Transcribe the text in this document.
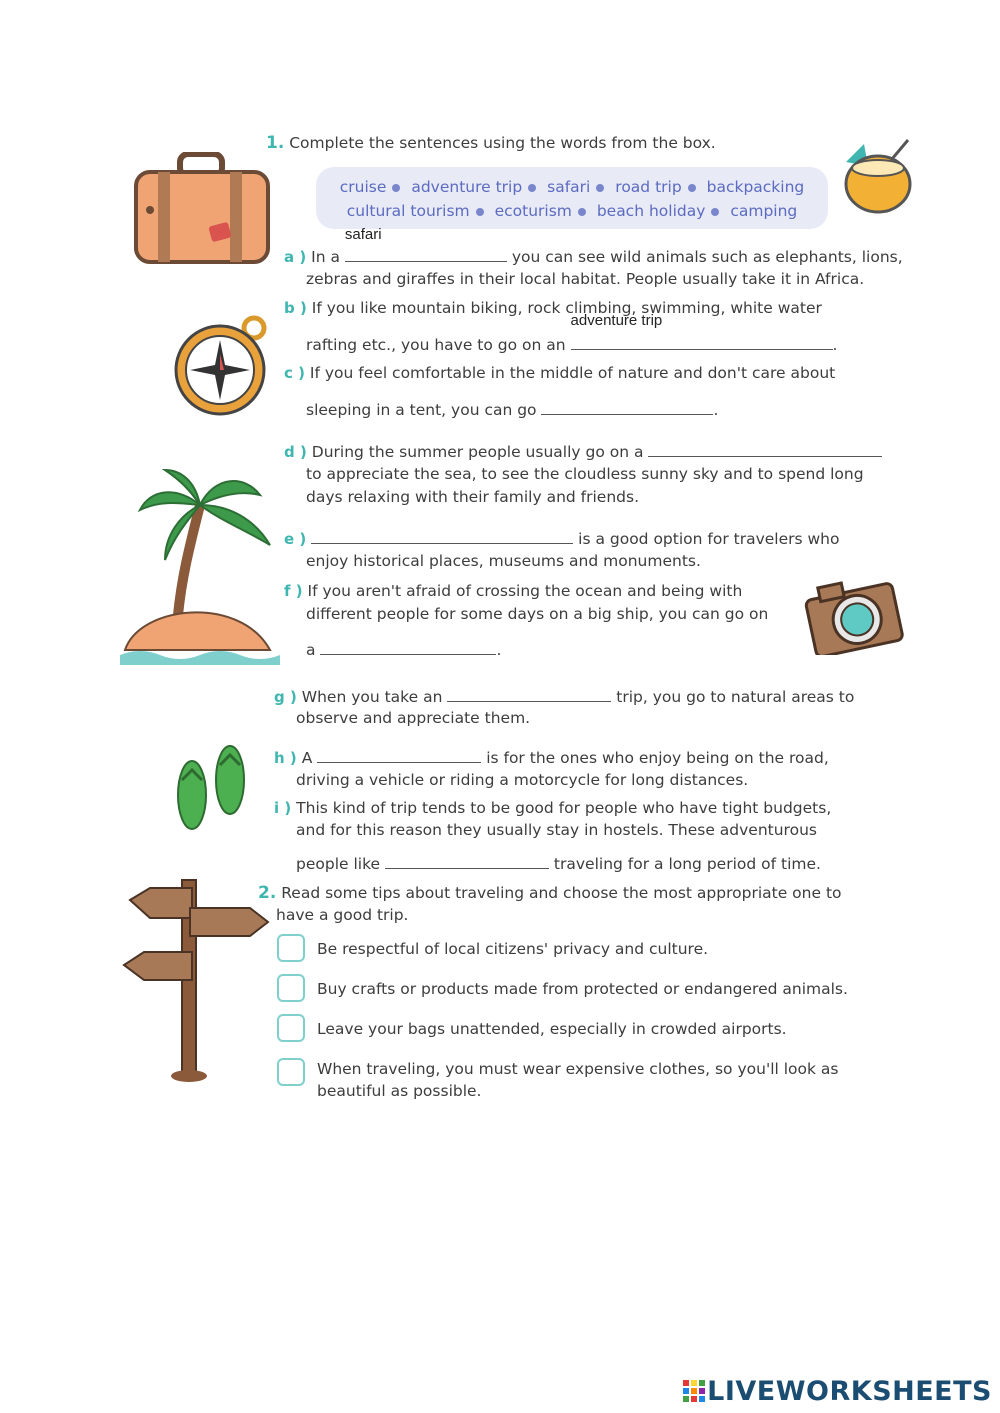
1. Complete the sentences using the words from the box.
cruise adventure trip safari road trip backpacking
cultural tourism ecoturism beach holiday camping
a ) In a
safari
you can see wild animals such as elephants, lions,
zebras and giraffes in their local habitat. People usually take it in Africa.
b ) If you like mountain biking, rock climbing, swimming, white water
rafting etc., you have to go on an
adventure trip
.
c ) If you feel comfortable in the middle of nature and don't care about
sleeping in a tent, you can go	.
d ) During the summer people usually go on a
to appreciate the sea, to see the cloudless sunny sky and to spend long
days relaxing with their family and friends.
e )	is a good option for travelers who
enjoy historical places, museums and monuments.
f ) If you aren't afraid of crossing the ocean and being with
different people for some days on a big ship, you can go on
a	.
g ) When you take an	trip, you go to natural areas to
observe and appreciate them.
h ) A	is for the ones who enjoy being on the road,
driving a vehicle or riding a motorcycle for long distances.
i ) This kind of trip tends to be good for people who have tight budgets,
and for this reason they usually stay in hostels. These adventurous
people like	traveling for a long period of time.
2. Read some tips about traveling and choose the most appropriate one to
have a good trip.
Be respectful of local citizens' privacy and culture.
Buy crafts or products made from protected or endangered animals.
Leave your bags unattended, especially in crowded airports.
When traveling, you must wear expensive clothes, so you'll look as
beautiful as possible.
LIVEWORKSHEETS
